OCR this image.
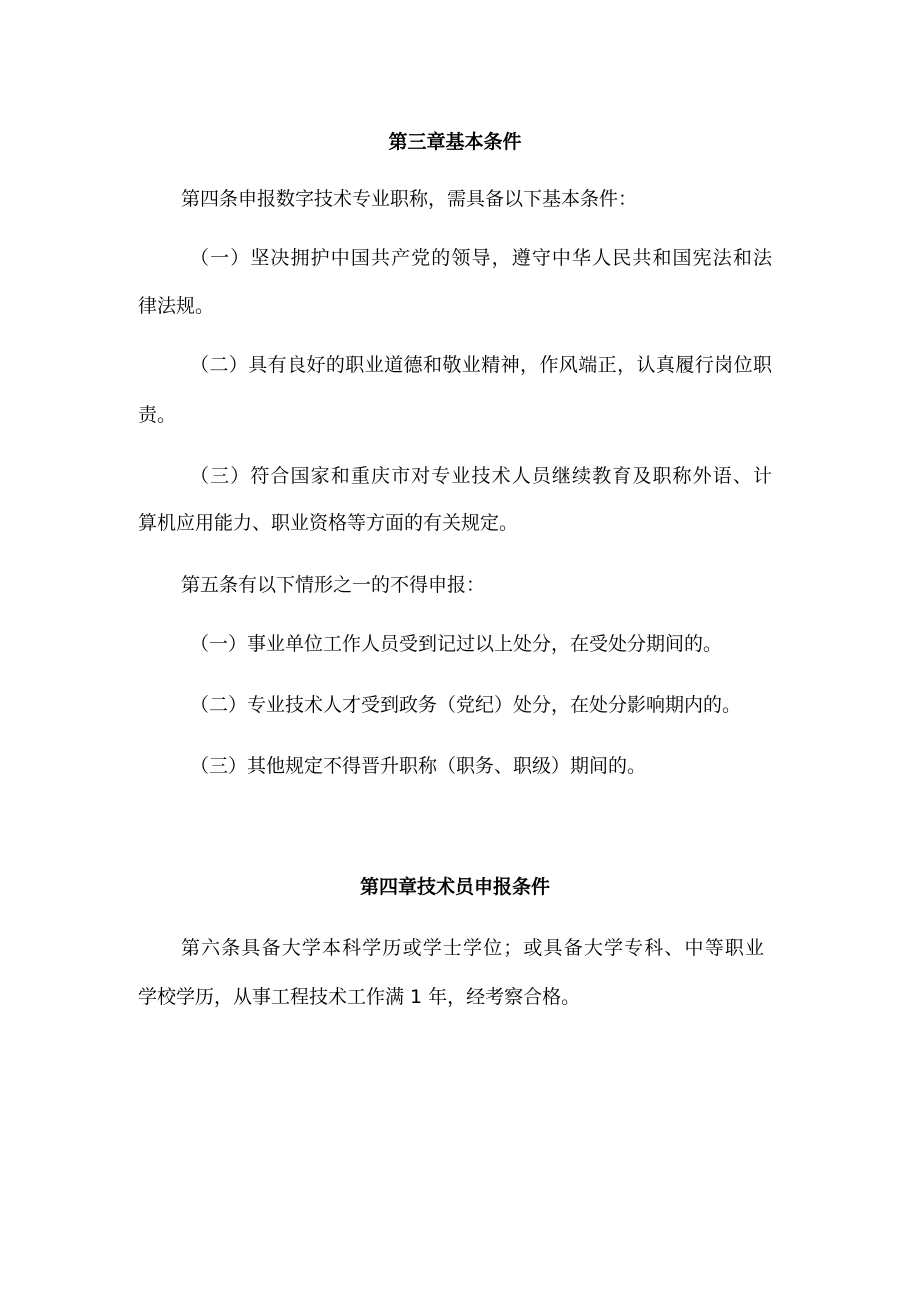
第三章基本条件

第四条申报数字技术专业职称，需具备以下基本条件：

（一）坚决拥护中国共产党的领导，遵守中华人民共和国宪法和法

律法规。

（二）具有良好的职业道德和敬业精神，作风端正，认真履行岗位职

责。

（三）符合国家和重庆市对专业技术人员继续教育及职称外语、计

算机应用能力、职业资格等方面的有关规定。

第五条有以下情形之一的不得申报：

（一）事业单位工作人员受到记过以上处分，在受处分期间的。

（二）专业技术人才受到政务（党纪）处分，在处分影响期内的。

（三）其他规定不得晋升职称（职务、职级）期间的。

第四章技术员申报条件

第六条具备大学本科学历或学士学位；或具备大学专科、中等职业

学校学历，从事工程技术工作满 1 年，经考察合格。
